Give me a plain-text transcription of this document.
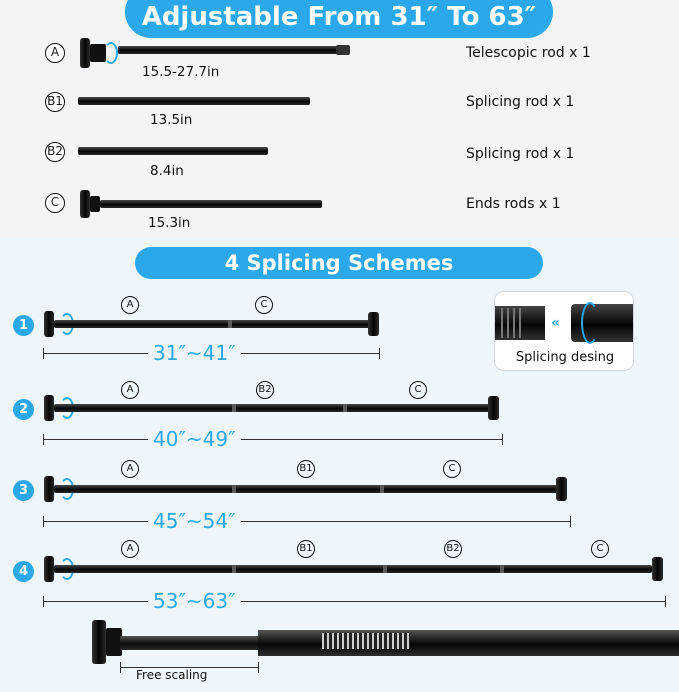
Adjustable From 31″ To 63″
A
15.5-27.7in
Telescopic rod x 1
B1
13.5in
Splicing rod x 1
B2
8.4in
Splicing rod x 1
C
15.3in
Ends rods x 1
4 Splicing Schemes
1
A	C
31″~41″
«
Splicing desing
2
A	B2	C
40″~49″
3
A	B1	C
45″~54″
4
A	B1	B2	C
53″~63″
Free scaling
